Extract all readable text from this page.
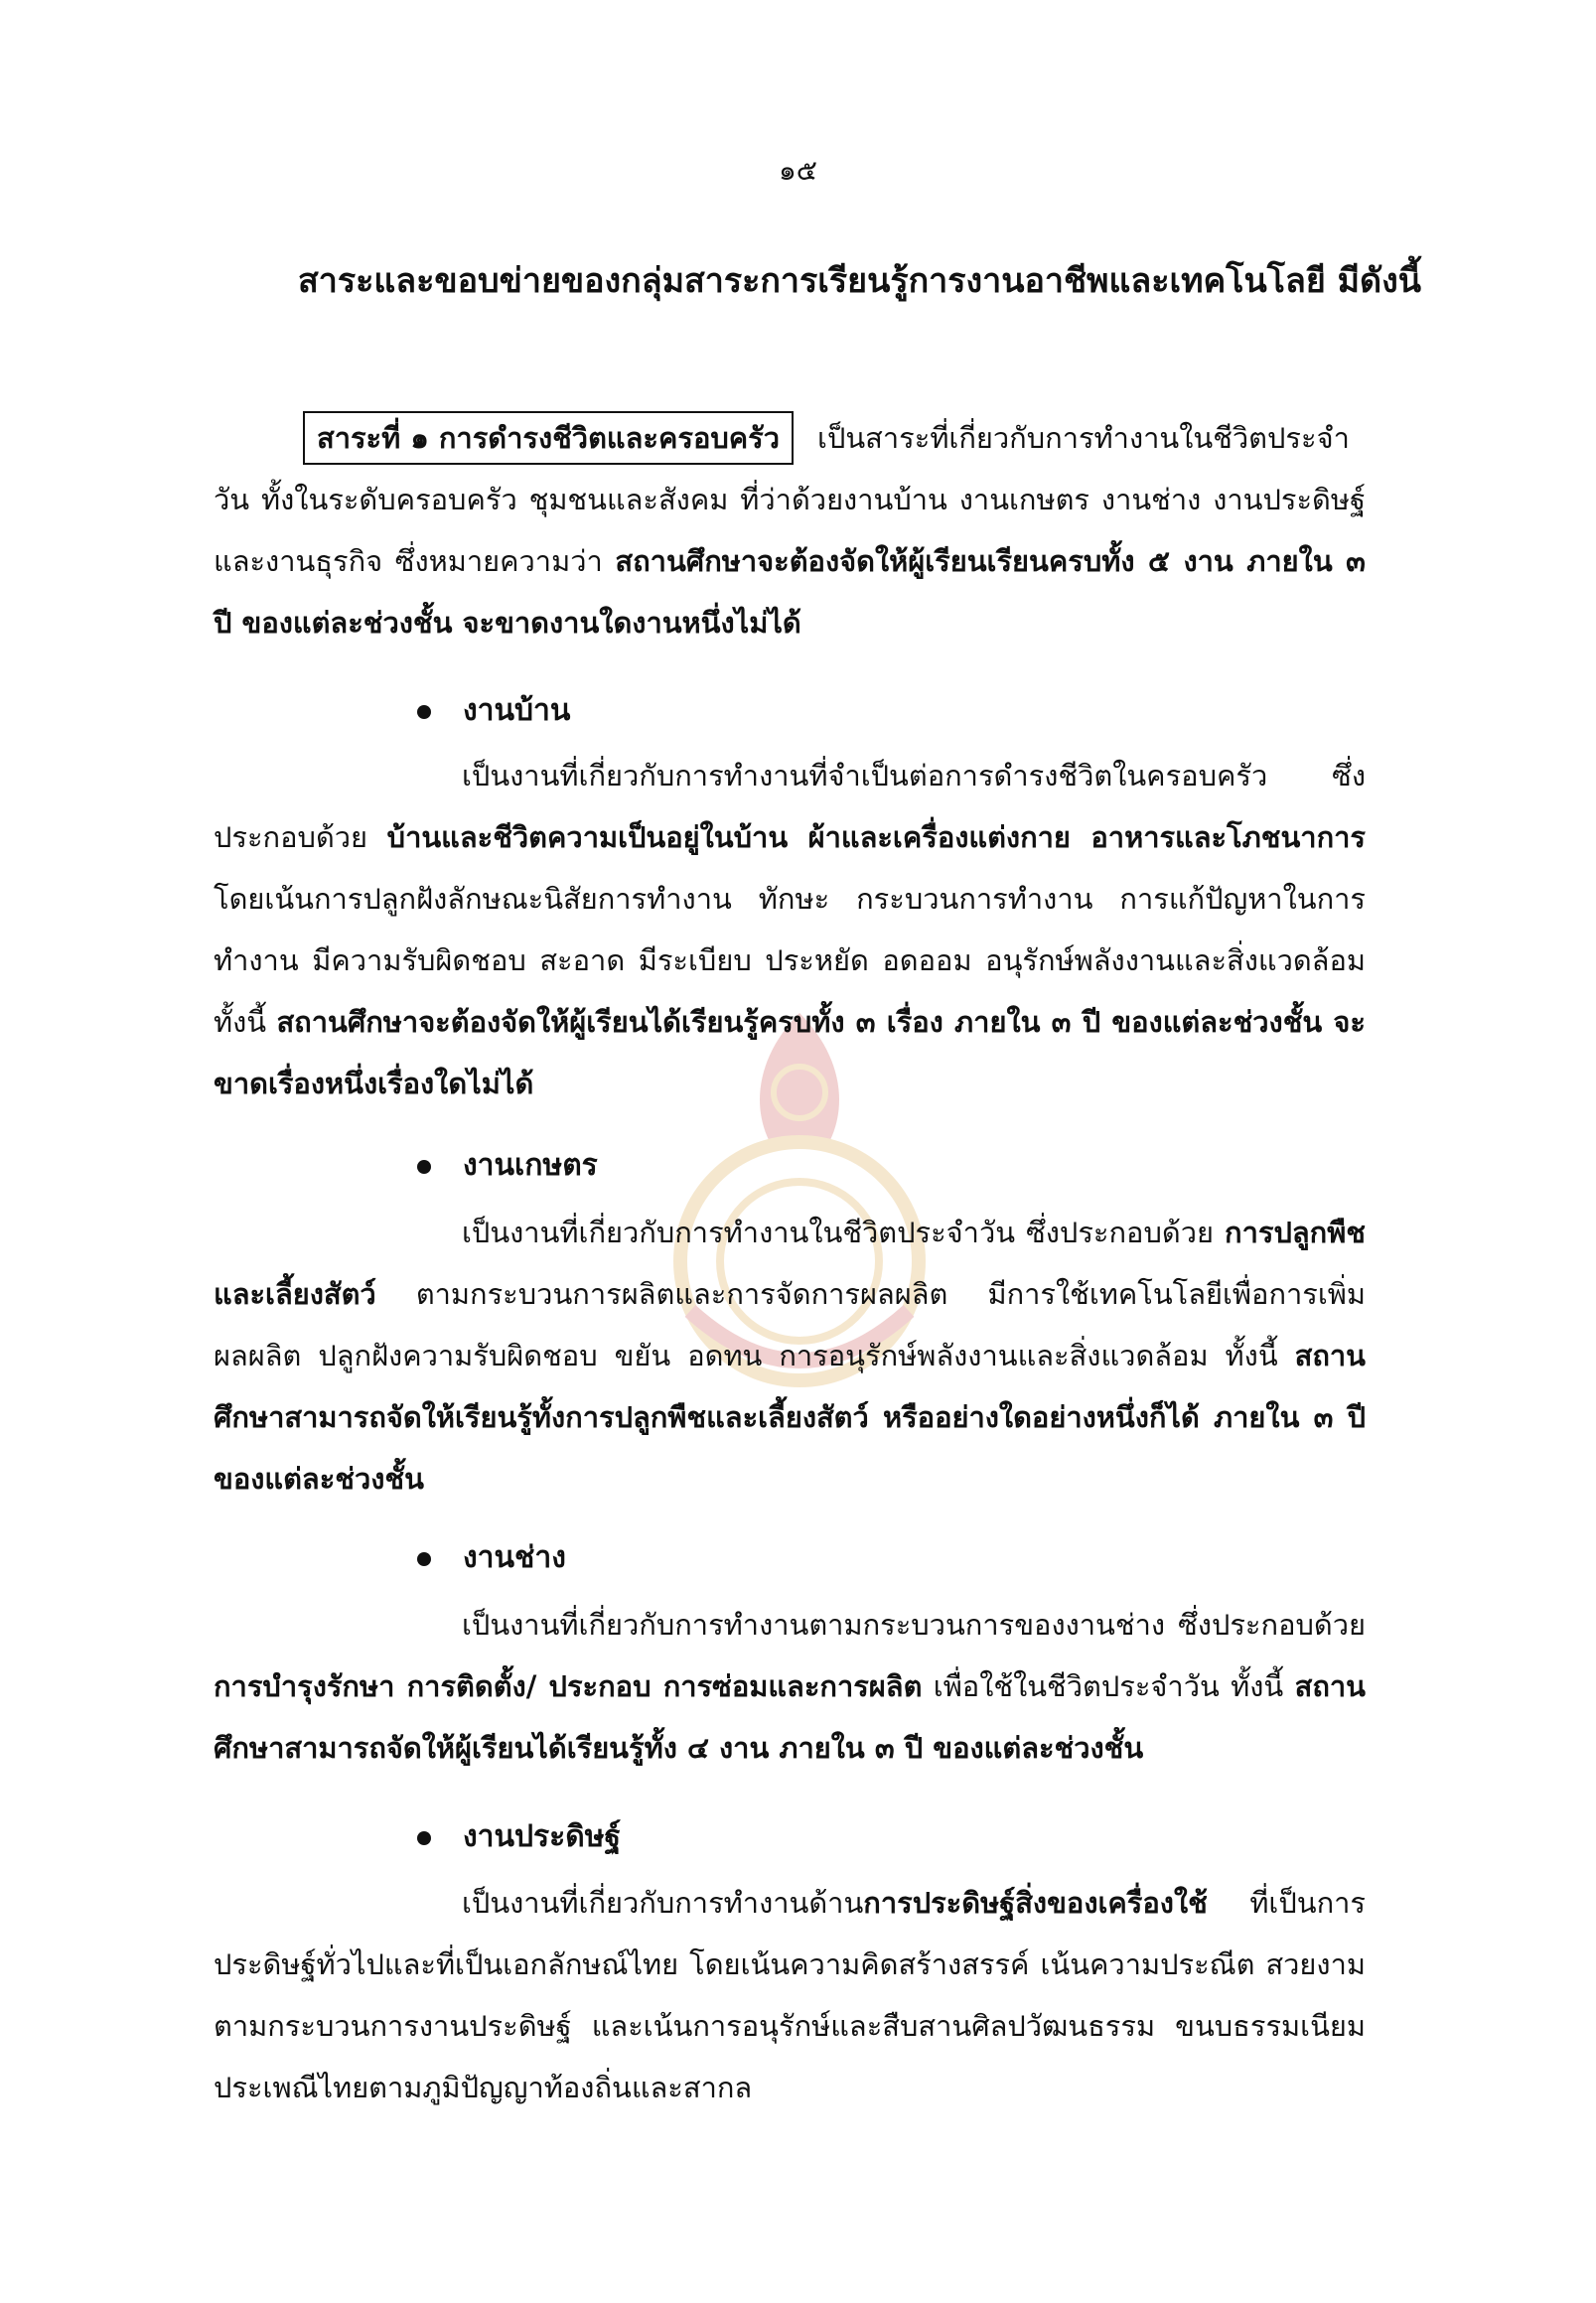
๑๕
สาระและขอบข่ายของกลุ่มสาระการเรียนรู้การงานอาชีพและเทคโนโลยี มีดังนี้
สาระที่ ๑ การดำรงชีวิตและครอบครัว เป็นสาระที่เกี่ยวกับการทำงานในชีวิตประจำวัน ทั้งในระดับครอบครัว ชุมชนและสังคม ที่ว่าด้วยงานบ้าน งานเกษตร งานช่าง งานประดิษฐ์ และงานธุรกิจ ซึ่งหมายความว่า สถานศึกษาจะต้องจัดให้ผู้เรียนเรียนครบทั้ง ๕ งาน ภายใน ๓ ปี ของแต่ละช่วงชั้น จะขาดงานใดงานหนึ่งไม่ได้
งานบ้าน
เป็นงานที่เกี่ยวกับการทำงานที่จำเป็นต่อการดำรงชีวิตในครอบครัว ซึ่งประกอบด้วย บ้านและชีวิตความเป็นอยู่ในบ้าน ผ้าและเครื่องแต่งกาย อาหารและโภชนาการ โดยเน้นการปลูกฝังลักษณะนิสัยการทำงาน ทักษะ กระบวนการทำงาน การแก้ปัญหาในการทำงาน มีความรับผิดชอบ สะอาด มีระเบียบ ประหยัด อดออม อนุรักษ์พลังงานและสิ่งแวดล้อม ทั้งนี้ สถานศึกษาจะต้องจัดให้ผู้เรียนได้เรียนรู้ครบทั้ง ๓ เรื่อง ภายใน ๓ ปี ของแต่ละช่วงชั้น จะขาดเรื่องหนึ่งเรื่องใดไม่ได้
งานเกษตร
เป็นงานที่เกี่ยวกับการทำงานในชีวิตประจำวัน ซึ่งประกอบด้วย การปลูกพืชและเลี้ยงสัตว์ ตามกระบวนการผลิตและการจัดการผลผลิต มีการใช้เทคโนโลยีเพื่อการเพิ่มผลผลิต ปลูกฝังความรับผิดชอบ ขยัน อดทน การอนุรักษ์พลังงานและสิ่งแวดล้อม ทั้งนี้ สถานศึกษาสามารถจัดให้เรียนรู้ทั้งการปลูกพืชและเลี้ยงสัตว์ หรืออย่างใดอย่างหนึ่งก็ได้ ภายใน ๓ ปี ของแต่ละช่วงชั้น
งานช่าง
เป็นงานที่เกี่ยวกับการทำงานตามกระบวนการของงานช่าง ซึ่งประกอบด้วย การบำรุงรักษา การติดตั้ง/ ประกอบ การซ่อมและการผลิต เพื่อใช้ในชีวิตประจำวัน ทั้งนี้ สถานศึกษาสามารถจัดให้ผู้เรียนได้เรียนรู้ทั้ง ๔ งาน ภายใน ๓ ปี ของแต่ละช่วงชั้น
งานประดิษฐ์
เป็นงานที่เกี่ยวกับการทำงานด้านการประดิษฐ์สิ่งของเครื่องใช้ ที่เป็นการประดิษฐ์ทั่วไปและที่เป็นเอกลักษณ์ไทย โดยเน้นความคิดสร้างสรรค์ เน้นความประณีต สวยงาม ตามกระบวนการงานประดิษฐ์ และเน้นการอนุรักษ์และสืบสานศิลปวัฒนธรรม ขนบธรรมเนียม ประเพณีไทยตามภูมิปัญญาท้องถิ่นและสากล
